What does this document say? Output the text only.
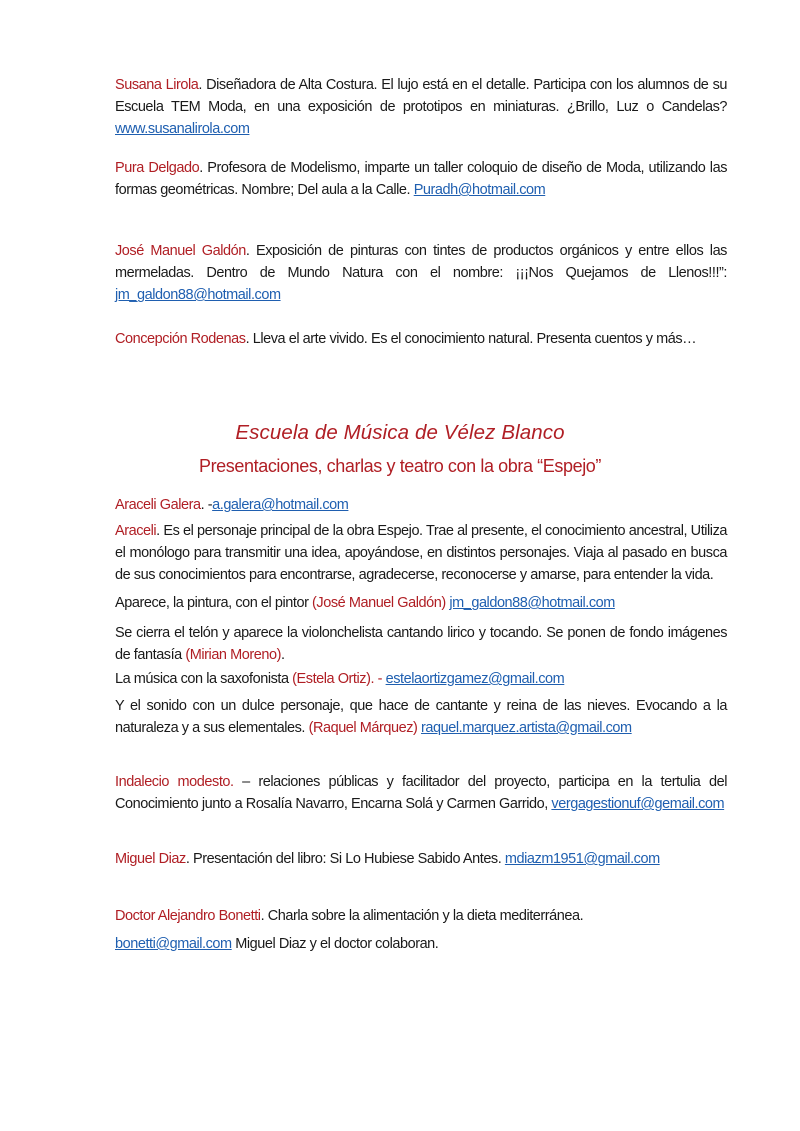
Susana Lirola. Diseñadora de Alta Costura. El lujo está en el detalle. Participa con los alumnos de su Escuela TEM Moda, en una exposición de prototipos en miniaturas. ¿Brillo, Luz o Candelas? www.susanalirola.com

Pura Delgado. Profesora de Modelismo, imparte un taller coloquio de diseño de Moda, utilizando las formas geométricas. Nombre; Del aula a la Calle. Puradh@hotmail.com

José Manuel Galdón. Exposición de pinturas con tintes de productos orgánicos y entre ellos las mermeladas. Dentro de Mundo Natura con el nombre: ¡¡¡Nos Quejamos de Llenos!!!”: jm_galdon88@hotmail.com

Concepción Rodenas. Lleva el arte vivido. Es el conocimiento natural. Presenta cuentos y más…

Escuela de Música de Vélez Blanco
Presentaciones, charlas y teatro con la obra “Espejo”

Araceli Galera. -a.galera@hotmail.com

Araceli. Es el personaje principal de la obra Espejo. Trae al presente, el conocimiento ancestral, Utiliza el monólogo para transmitir una idea, apoyándose, en distintos personajes. Viaja al pasado en busca de sus conocimientos para encontrarse, agradecerse, reconocerse y amarse, para entender la vida.

Aparece, la pintura, con el pintor (José Manuel Galdón) jm_galdon88@hotmail.com

Se cierra el telón y aparece la violonchelista cantando lirico y tocando. Se ponen de fondo imágenes de fantasía (Mirian Moreno).

La música con la saxofonista (Estela Ortiz). - estelaortizgamez@gmail.com

Y el sonido con un dulce personaje, que hace de cantante y reina de las nieves. Evocando a la naturaleza y a sus elementales. (Raquel Márquez) raquel.marquez.artista@gmail.com

Indalecio modesto. – relaciones públicas y facilitador del proyecto, participa en la tertulia del Conocimiento junto a Rosalía Navarro, Encarna Solá y Carmen Garrido, vergagestionuf@gemail.com

Miguel Diaz. Presentación del libro: Si Lo Hubiese Sabido Antes. mdiazm1951@gmail.com

Doctor Alejandro Bonetti. Charla sobre la alimentación y la dieta mediterránea.

bonetti@gmail.com Miguel Diaz y el doctor colaboran.
